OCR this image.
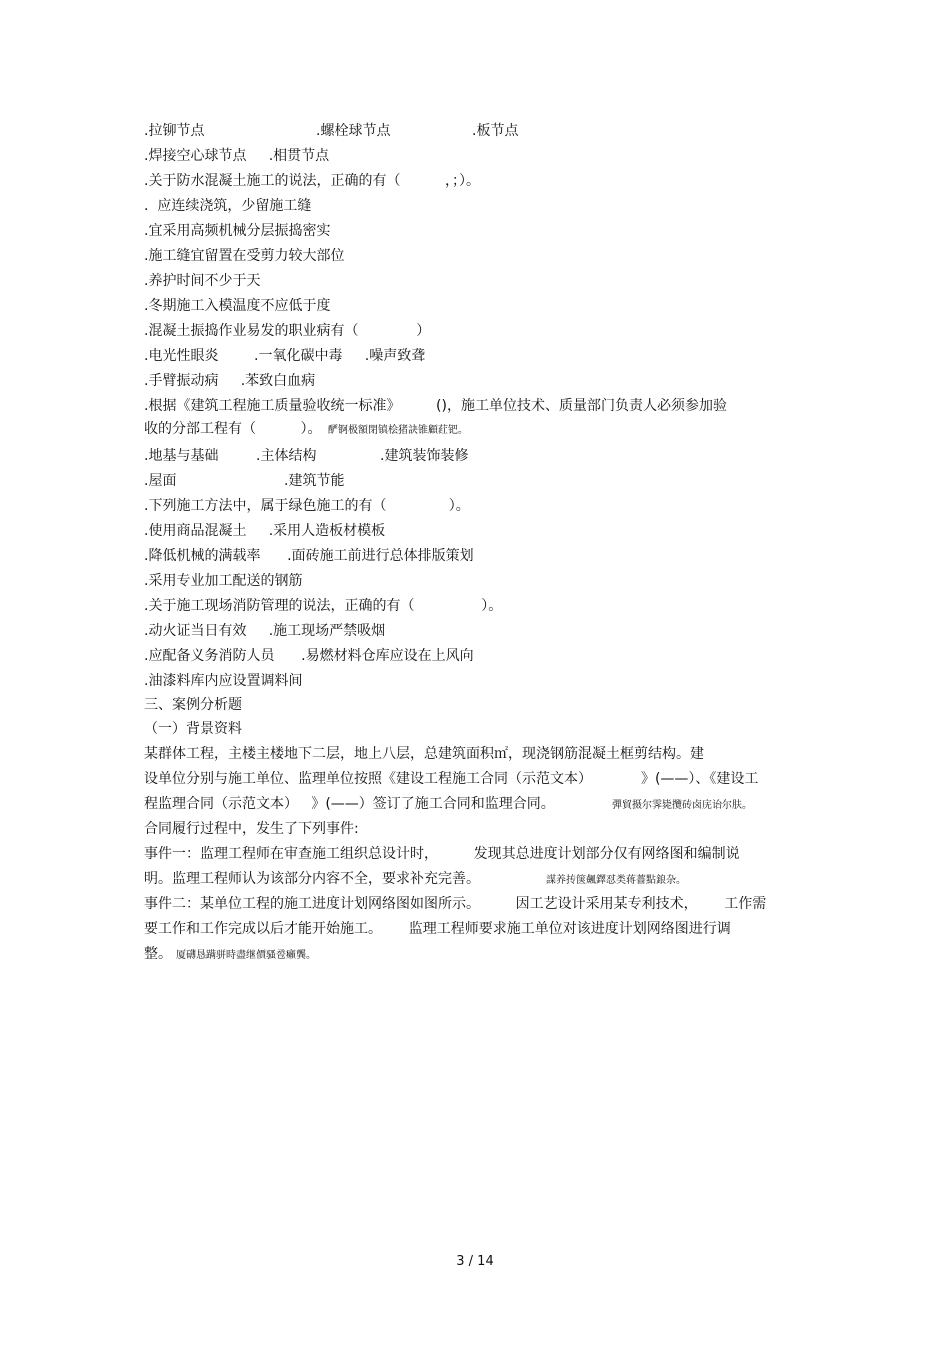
.拉铆节点	.螺栓球节点	.板节点
.焊接空心球节点     .相贯节点
.关于防水混凝土施工的说法，正确的有（          ，；）。
.  应连续浇筑，少留施工缝
.宜采用高频机械分层振捣密实
.施工缝宜留置在受剪力较大部位
.养护时间不少于天
.冬期施工入模温度不应低于度
.混凝土振捣作业易发的职业病有（             ）
.电光性眼炎        .一氧化碳中毒     .噪声致聋
.手臂振动病     .苯致白血病
.根据《建筑工程施工质量验收统一标准》        ()，施工单位技术、质量部门负责人必须参加验
收的分部工程有（          ）。 酽锕极額閉镇桧猪訣锥顧荭钯。
.地基与基础	.主体结构	.建筑装饰装修
.屋面	.建筑节能
.下列施工方法中，属于绿色施工的有（              ）。
.使用商品混凝土     .采用人造板材模板
.降低机械的满载率      .面砖施工前进行总体排版策划
.采用专业加工配送的钢筋
.关于施工现场消防管理的说法，正确的有（               ）。
.动火证当日有效     .施工现场严禁吸烟
.应配备义务消防人员      .易燃材料仓库应设在上风向
.油漆料库内应设置调料间
三、案例分析题
（一）背景资料
某群体工程，主楼主楼地下二层，地上八层，总建筑面积㎡，现浇钢筋混凝土框剪结构。建
设单位分别与施工单位、监理单位按照《建设工程施工合同（示范文本）           》(——）、《建设工
程监理合同（示范文本）   》(——）签订了施工合同和监理合同。	彈貿摄尔霁毙攬砖卤庑诒尔肤。
合同履行过程中，发生了下列事件:
事件一：监理工程师在审查施工组织总设计时，        发现其总进度计划部分仅有网络图和编制说
明。监理工程师认为该部分内容不全，要求补充完善。	謀养抟箧飆鐸怼类蒋薔點鋃杂。
事件二：某单位工程的施工进度计划网络图如图所示。        因工艺设计采用某专利技术，      工作需
要工作和工作完成以后才能开始施工。      监理工程师要求施工单位对该进度计划网络图进行调
整。 厦礴恳蹒骈時盡继價骚卺癩龔。
3 / 14
